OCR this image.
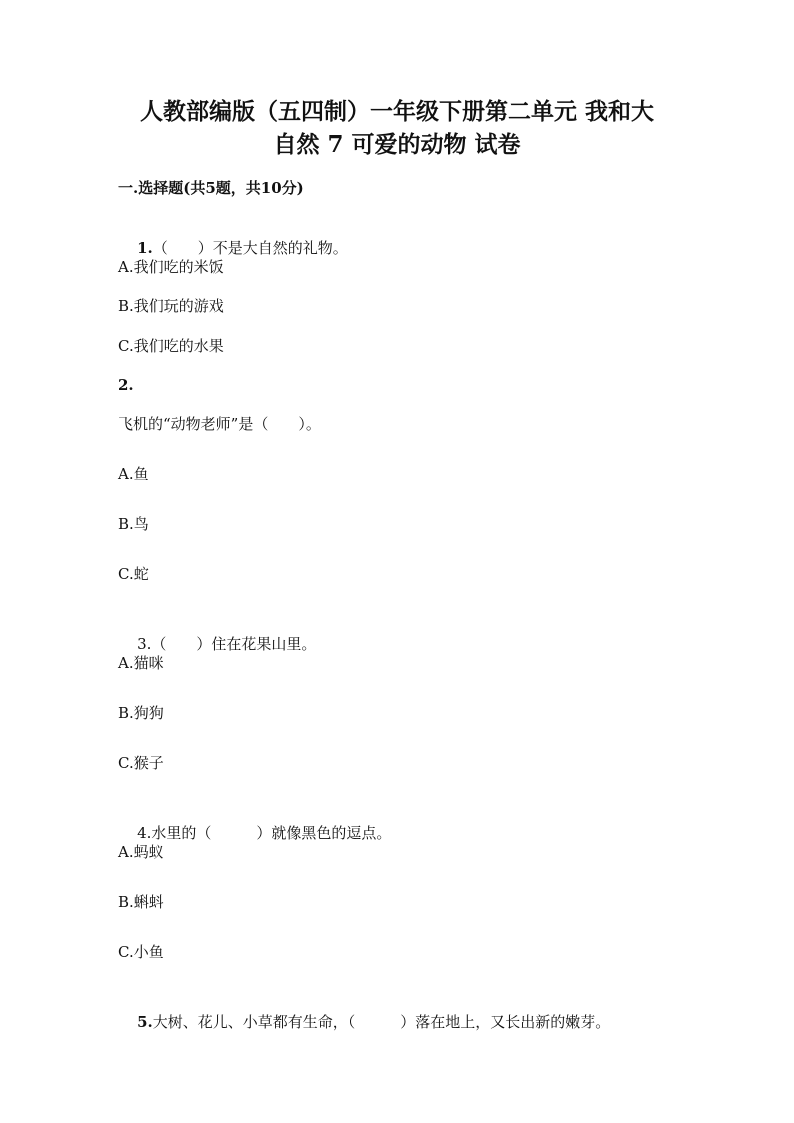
人教部编版（五四制）一年级下册第二单元 我和大
自然 7 可爱的动物 试卷
一.选择题(共5题，共10分)

1.（　　）不是大自然的礼物。

A.我们吃的米饭
B.我们玩的游戏
C.我们吃的水果
2.
飞机的“动物老师”是（　　）。
A.鱼
B.鸟
C.蛇

3.（　　）住在花果山里。

A.猫咪
B.狗狗
C.猴子

4.水里的（　　　）就像黑色的逗点。

A.蚂蚁
B.蝌蚪
C.小鱼

5.大树、花儿、小草都有生命，（　　　）落在地上，又长出新的嫩芽。
